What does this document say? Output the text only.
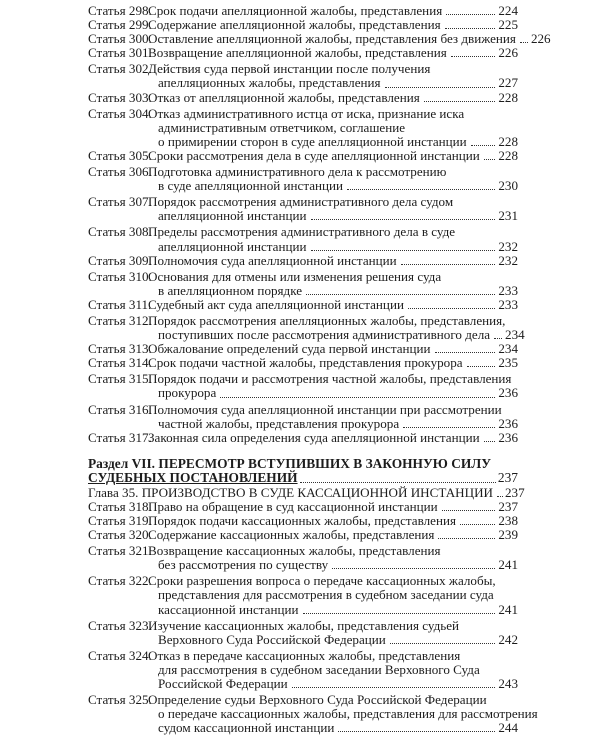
Статья 298.
Срок подачи апелляционной жалобы, представления	224
Статья 299.
Содержание апелляционной жалобы, представления	225
Статья 300.
Оставление апелляционной жалобы, представления без движения 226
Статья 301.
Возвращение апелляционной жалобы, представления	226
Статья 302.
Действия суда первой инстанции после получения
апелляционных жалобы, представления	227
Статья 303.
Отказ от апелляционной жалобы, представления	228
Статья 304.
Отказ административного истца от иска, признание иска
административным ответчиком, соглашение
о примирении сторон в суде апелляционной инстанции 228
Статья 305.
Сроки рассмотрения дела в суде апелляционной инстанции 228
Статья 306.
Подготовка административного дела к рассмотрению
в суде апелляционной инстанции	230
Статья 307.
Порядок рассмотрения административного дела судом
апелляционной инстанции	231
Статья 308.
Пределы рассмотрения административного дела в суде
апелляционной инстанции	232
Статья 309.
Полномочия суда апелляционной инстанции	232
Статья 310.
Основания для отмены или изменения решения суда
в апелляционном порядке	233
Статья 311.
Судебный акт суда апелляционной инстанции	233
Статья 312.
Порядок рассмотрения апелляционных жалобы, представления,
поступивших после рассмотрения административного дела 234
Статья 313.
Обжалование определений суда первой инстанции	234
Статья 314.
Срок подачи частной жалобы, представления прокурора	235
Статья 315.
Порядок подачи и рассмотрения частной жалобы, представления
прокурора	236
Статья 316.
Полномочия суда апелляционной инстанции при рассмотрении
частной жалобы, представления прокурора	236
Статья 317.
Законная сила определения суда апелляционной инстанции 236
Раздел VII.
ПЕРЕСМОТР ВСТУПИВШИХ В ЗАКОННУЮ СИЛУ
СУДЕБНЫХ ПОСТАНОВЛЕНИЙ	237
Глава 35.
ПРОИЗВОДСТВО В СУДЕ КАССАЦИОННОЙ ИНСТАНЦИИ 237
Статья 318.
Право на обращение в суд кассационной инстанции	237
Статья 319.
Порядок подачи кассационных жалобы, представления	238
Статья 320.
Содержание кассационных жалобы, представления	239
Статья 321.
Возвращение кассационных жалобы, представления
без рассмотрения по существу	241
Статья 322.
Сроки разрешения вопроса о передаче кассационных жалобы,
представления для рассмотрения в судебном заседании суда
кассационной инстанции	241
Статья 323.
Изучение кассационных жалобы, представления судьей
Верховного Суда Российской Федерации	242
Статья 324.
Отказ в передаче кассационных жалобы, представления
для рассмотрения в судебном заседании Верховного Суда
Российской Федерации	243
Статья 325.
Определение судьи Верховного Суда Российской Федерации
о передаче кассационных жалобы, представления для рассмотрения
судом кассационной инстанции	244
